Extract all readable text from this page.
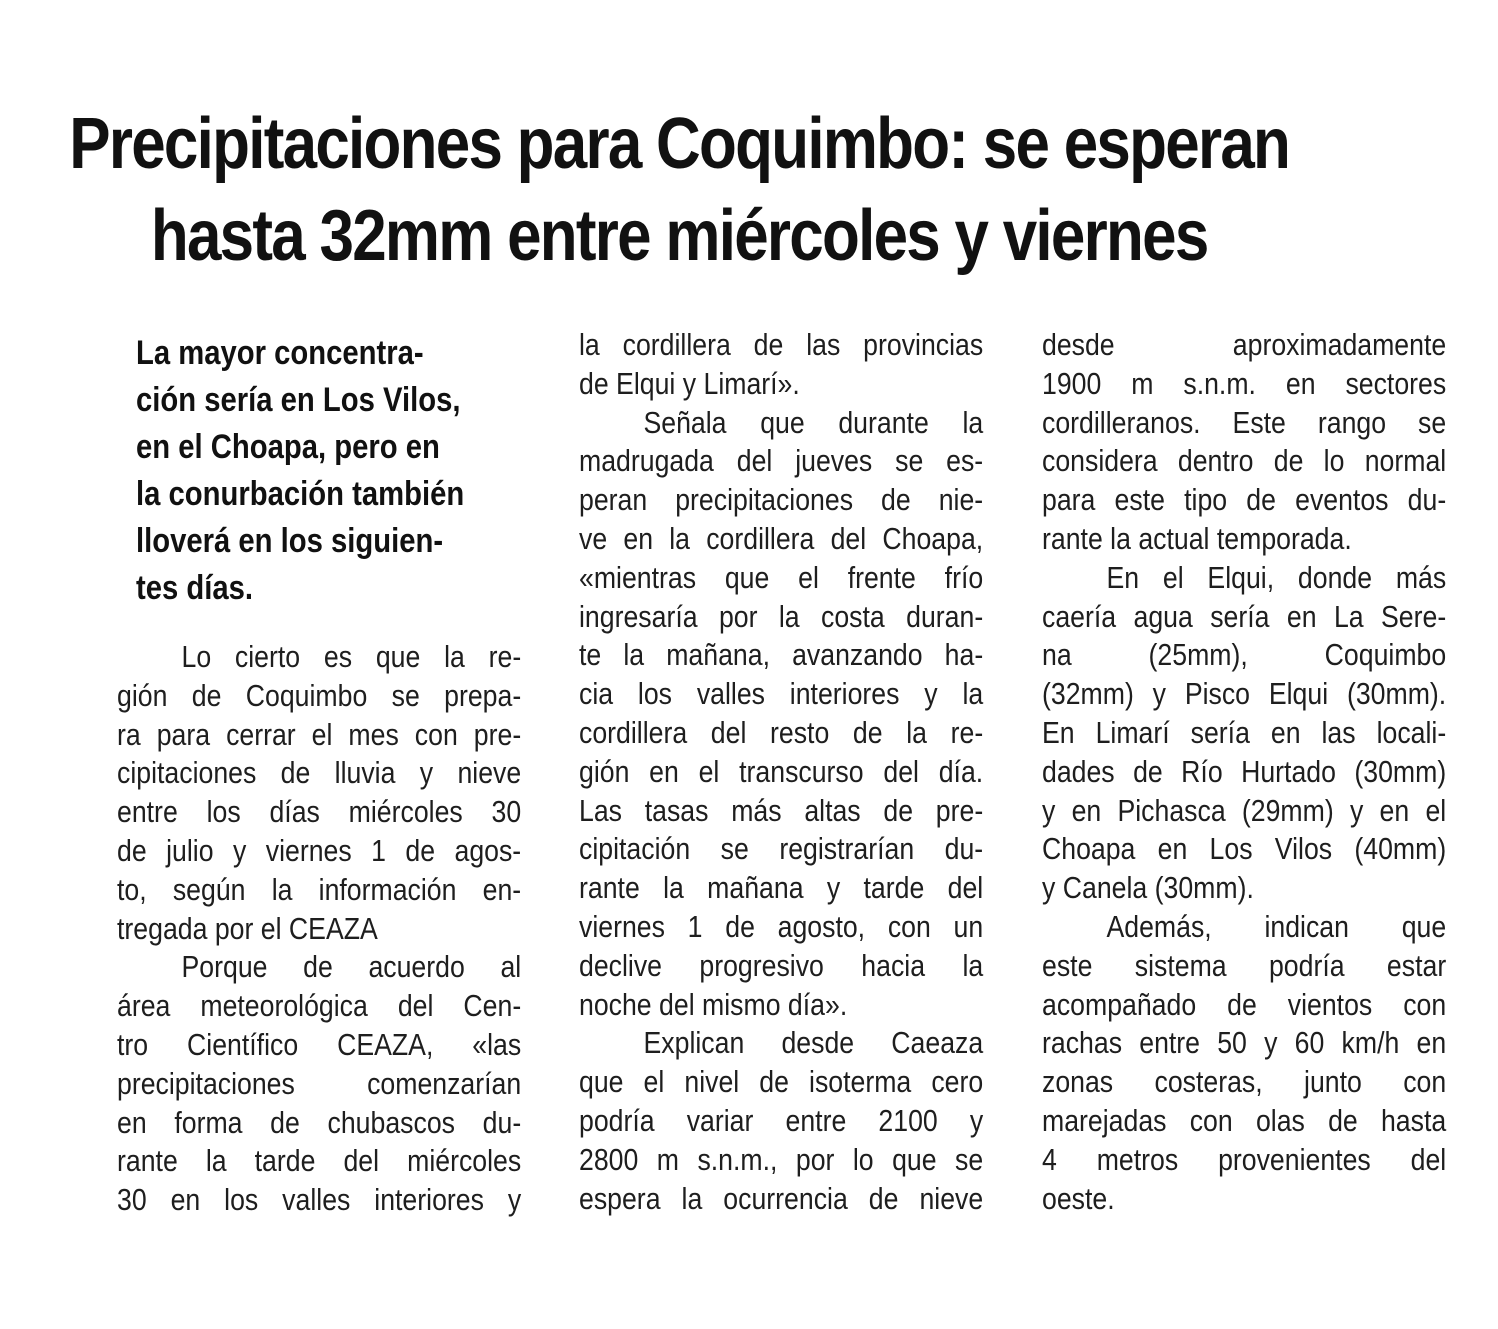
Precipitaciones para Coquimbo: se esperan
hasta 32mm entre miércoles y viernes
La mayor concentra-
ción sería en Los Vilos,
en el Choapa, pero en
la conurbación también
lloverá en los siguien-
tes días.
Lo cierto es que la re-
gión de Coquimbo se prepa-
ra para cerrar el mes con pre-
cipitaciones de lluvia y nieve
entre los días miércoles 30
de julio y viernes 1 de agos-
to, según la información en-
tregada por el CEAZA
Porque de acuerdo al
área meteorológica del Cen-
tro Científico CEAZA, «las
precipitaciones comenzarían
en forma de chubascos du-
rante la tarde del miércoles
30 en los valles interiores y
la cordillera de las provincias
de Elqui y Limarí».
Señala que durante la
madrugada del jueves se es-
peran precipitaciones de nie-
ve en la cordillera del Choapa,
«mientras que el frente frío
ingresaría por la costa duran-
te la mañana, avanzando ha-
cia los valles interiores y la
cordillera del resto de la re-
gión en el transcurso del día.
Las tasas más altas de pre-
cipitación se registrarían du-
rante la mañana y tarde del
viernes 1 de agosto, con un
declive progresivo hacia la
noche del mismo día».
Explican desde Caeaza
que el nivel de isoterma cero
podría variar entre 2100 y
2800 m s.n.m., por lo que se
espera la ocurrencia de nieve
desde aproximadamente
1900 m s.n.m. en sectores
cordilleranos. Este rango se
considera dentro de lo normal
para este tipo de eventos du-
rante la actual temporada.
En el Elqui, donde más
caería agua sería en La Sere-
na (25mm), Coquimbo
(32mm) y Pisco Elqui (30mm).
En Limarí sería en las locali-
dades de Río Hurtado (30mm)
y en Pichasca (29mm) y en el
Choapa en Los Vilos (40mm)
y Canela (30mm).
Además, indican que
este sistema podría estar
acompañado de vientos con
rachas entre 50 y 60 km/h en
zonas costeras, junto con
marejadas con olas de hasta
4 metros provenientes del
oeste.
